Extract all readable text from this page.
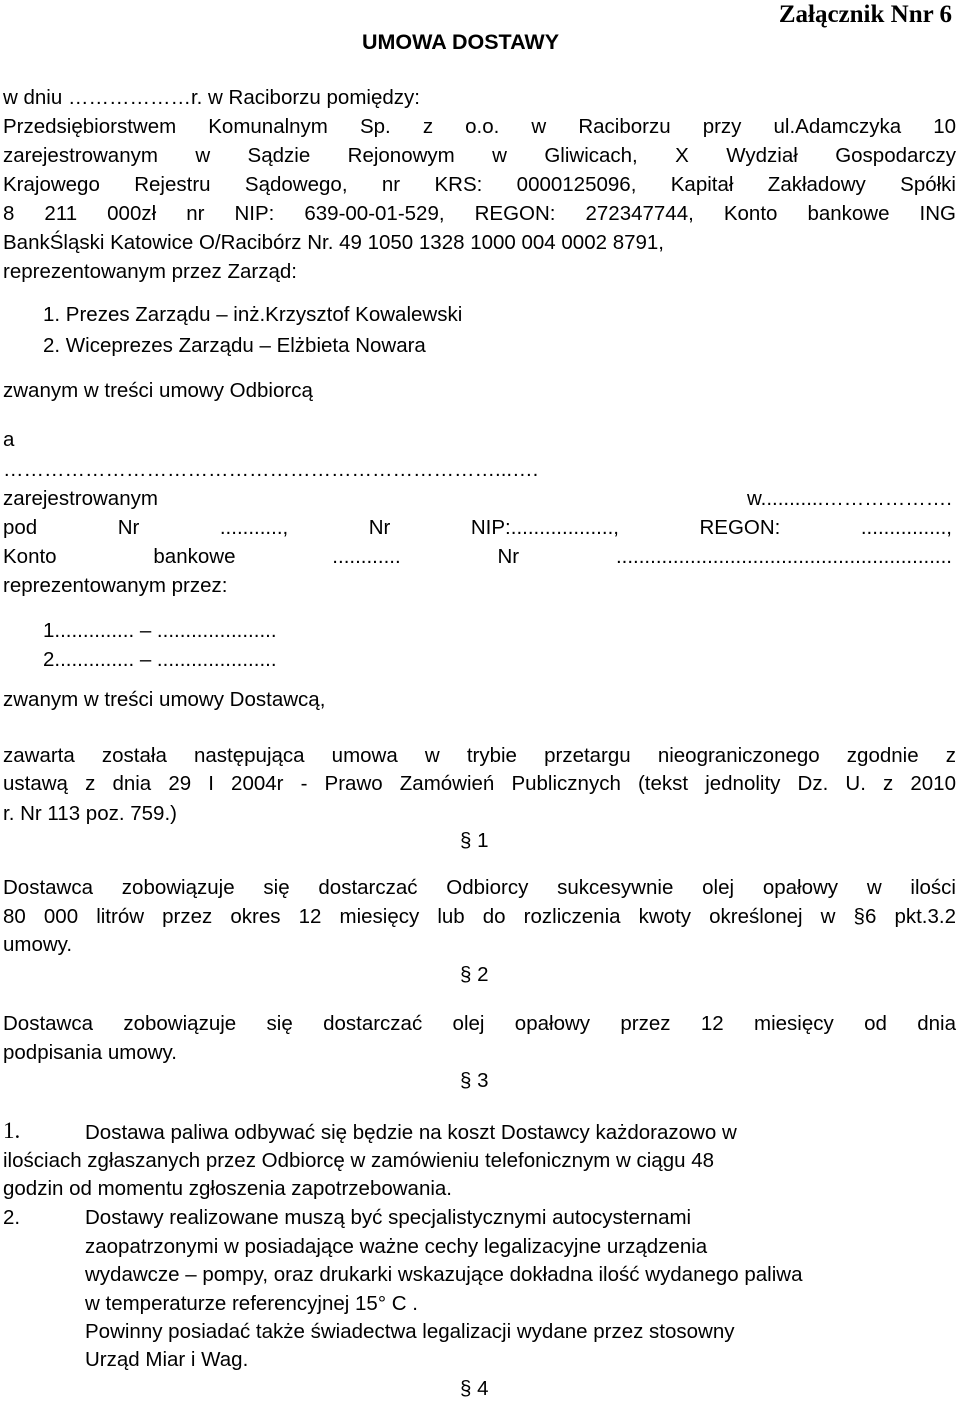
Załącznik Nnr 6
UMOWA DOSTAWY
w dniu ………………r. w Raciborzu pomiędzy:
Przedsiębiorstwem Komunalnym Sp. z o.o. w Raciborzu przy ul.Adamczyka 10
zarejestrowanym w Sądzie Rejonowym w Gliwicach, X Wydział Gospodarczy
Krajowego Rejestru Sądowego, nr KRS: 0000125096, Kapitał Zakładowy Spółki
8 211 000zł nr NIP: 639-00-01-529, REGON: 272347744, Konto bankowe ING
BankŚląski Katowice O/Racibórz Nr. 49 1050 1328 1000 004 0002 8791,
reprezentowanym przez Zarząd:
1. Prezes Zarządu – inż.Krzysztof Kowalewski
2. Wiceprezes Zarządu – Elżbieta Nowara
zwanym w treści umowy Odbiorcą
a
………………………………………………………………...….
zarejestrowanym w...........……………….
pod Nr ..........., Nr NIP:.................., REGON: ...............,
Konto bankowe ............ Nr ...........................................................
reprezentowanym przez:
1.............. – .....................
2.............. – .....................
zwanym w treści umowy Dostawcą,
zawarta została następująca umowa w trybie przetargu nieograniczonego zgodnie z
ustawą z dnia 29 I 2004r - Prawo Zamówień Publicznych (tekst jednolity Dz. U. z 2010
r. Nr 113 poz. 759.)
§ 1
Dostawca zobowiązuje się dostarczać Odbiorcy sukcesywnie olej opałowy w ilości
80 000 litrów przez okres 12 miesięcy lub do rozliczenia kwoty określonej w §6 pkt.3.2
umowy.
§ 2
Dostawca zobowiązuje się dostarczać olej opałowy przez 12 miesięcy od dnia
podpisania umowy.
§ 3
1.	Dostawa paliwa odbywać się będzie na koszt Dostawcy każdorazowo w
ilościach zgłaszanych przez Odbiorcę w zamówieniu telefonicznym w ciągu 48
godzin od momentu zgłoszenia zapotrzebowania.
2.	Dostawy realizowane muszą być specjalistycznymi autocysternami
zaopatrzonymi w posiadające ważne cechy legalizacyjne urządzenia
wydawcze – pompy, oraz drukarki wskazujące dokładna ilość wydanego paliwa
w temperaturze referencyjnej 15° C .
Powinny posiadać także świadectwa legalizacji wydane przez stosowny
Urząd Miar i Wag.
§ 4
